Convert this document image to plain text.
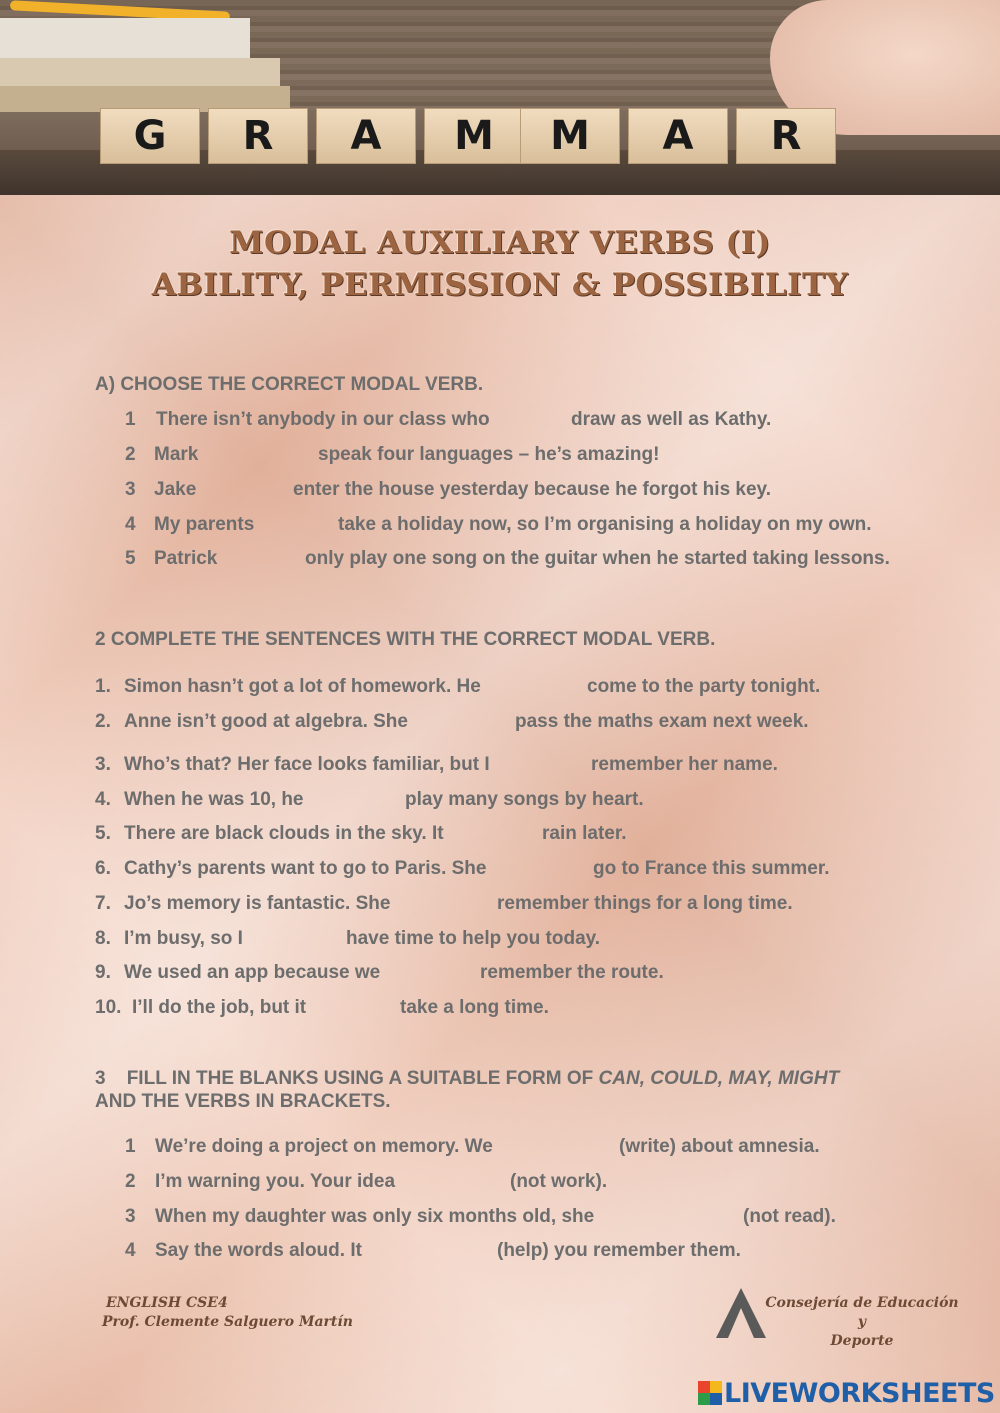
G	R	A	M	M	A	R
MODAL AUXILIARY VERBS (I)
ABILITY, PERMISSION & POSSIBILITY
A) CHOOSE THE CORRECT MODAL VERB.
1 There isn’t anybody in our class who	draw as well as Kathy.
2 Mark	speak four languages – he’s amazing!
3 Jake	enter the house yesterday because he forgot his key.
4 My parents	take a holiday now, so I’m organising a holiday on my own.
5 Patrick	only play one song on the guitar when he started taking lessons.
2 COMPLETE THE SENTENCES WITH THE CORRECT MODAL VERB.
1. Simon hasn’t got a lot of homework. He	come to the party tonight.
2. Anne isn’t good at algebra. She	pass the maths exam next week.
3. Who’s that? Her face looks familiar, but I	remember her name.
4. When he was 10, he	play many songs by heart.
5. There are black clouds in the sky. It	rain later.
6. Cathy’s parents want to go to Paris. She	go to France this summer.
7. Jo’s memory is fantastic. She	remember things for a long time.
8. I’m busy, so I	have time to help you today.
9. We used an app because we	remember the route.
10. I’ll do the job, but it	take a long time.
3 FILL IN THE BLANKS USING A SUITABLE FORM OF CAN, COULD, MAY, MIGHT
AND THE VERBS IN BRACKETS.
1 We’re doing a project on memory. We	(write) about amnesia.
2 I’m warning you. Your idea	(not work).
3 When my daughter was only six months old, she	(not read).
4 Say the words aloud. It	(help) you remember them.
ENGLISH CSE4
Prof. Clemente Salguero Martín
Consejería de Educación y
Deporte
LIVEWORKSHEETS
